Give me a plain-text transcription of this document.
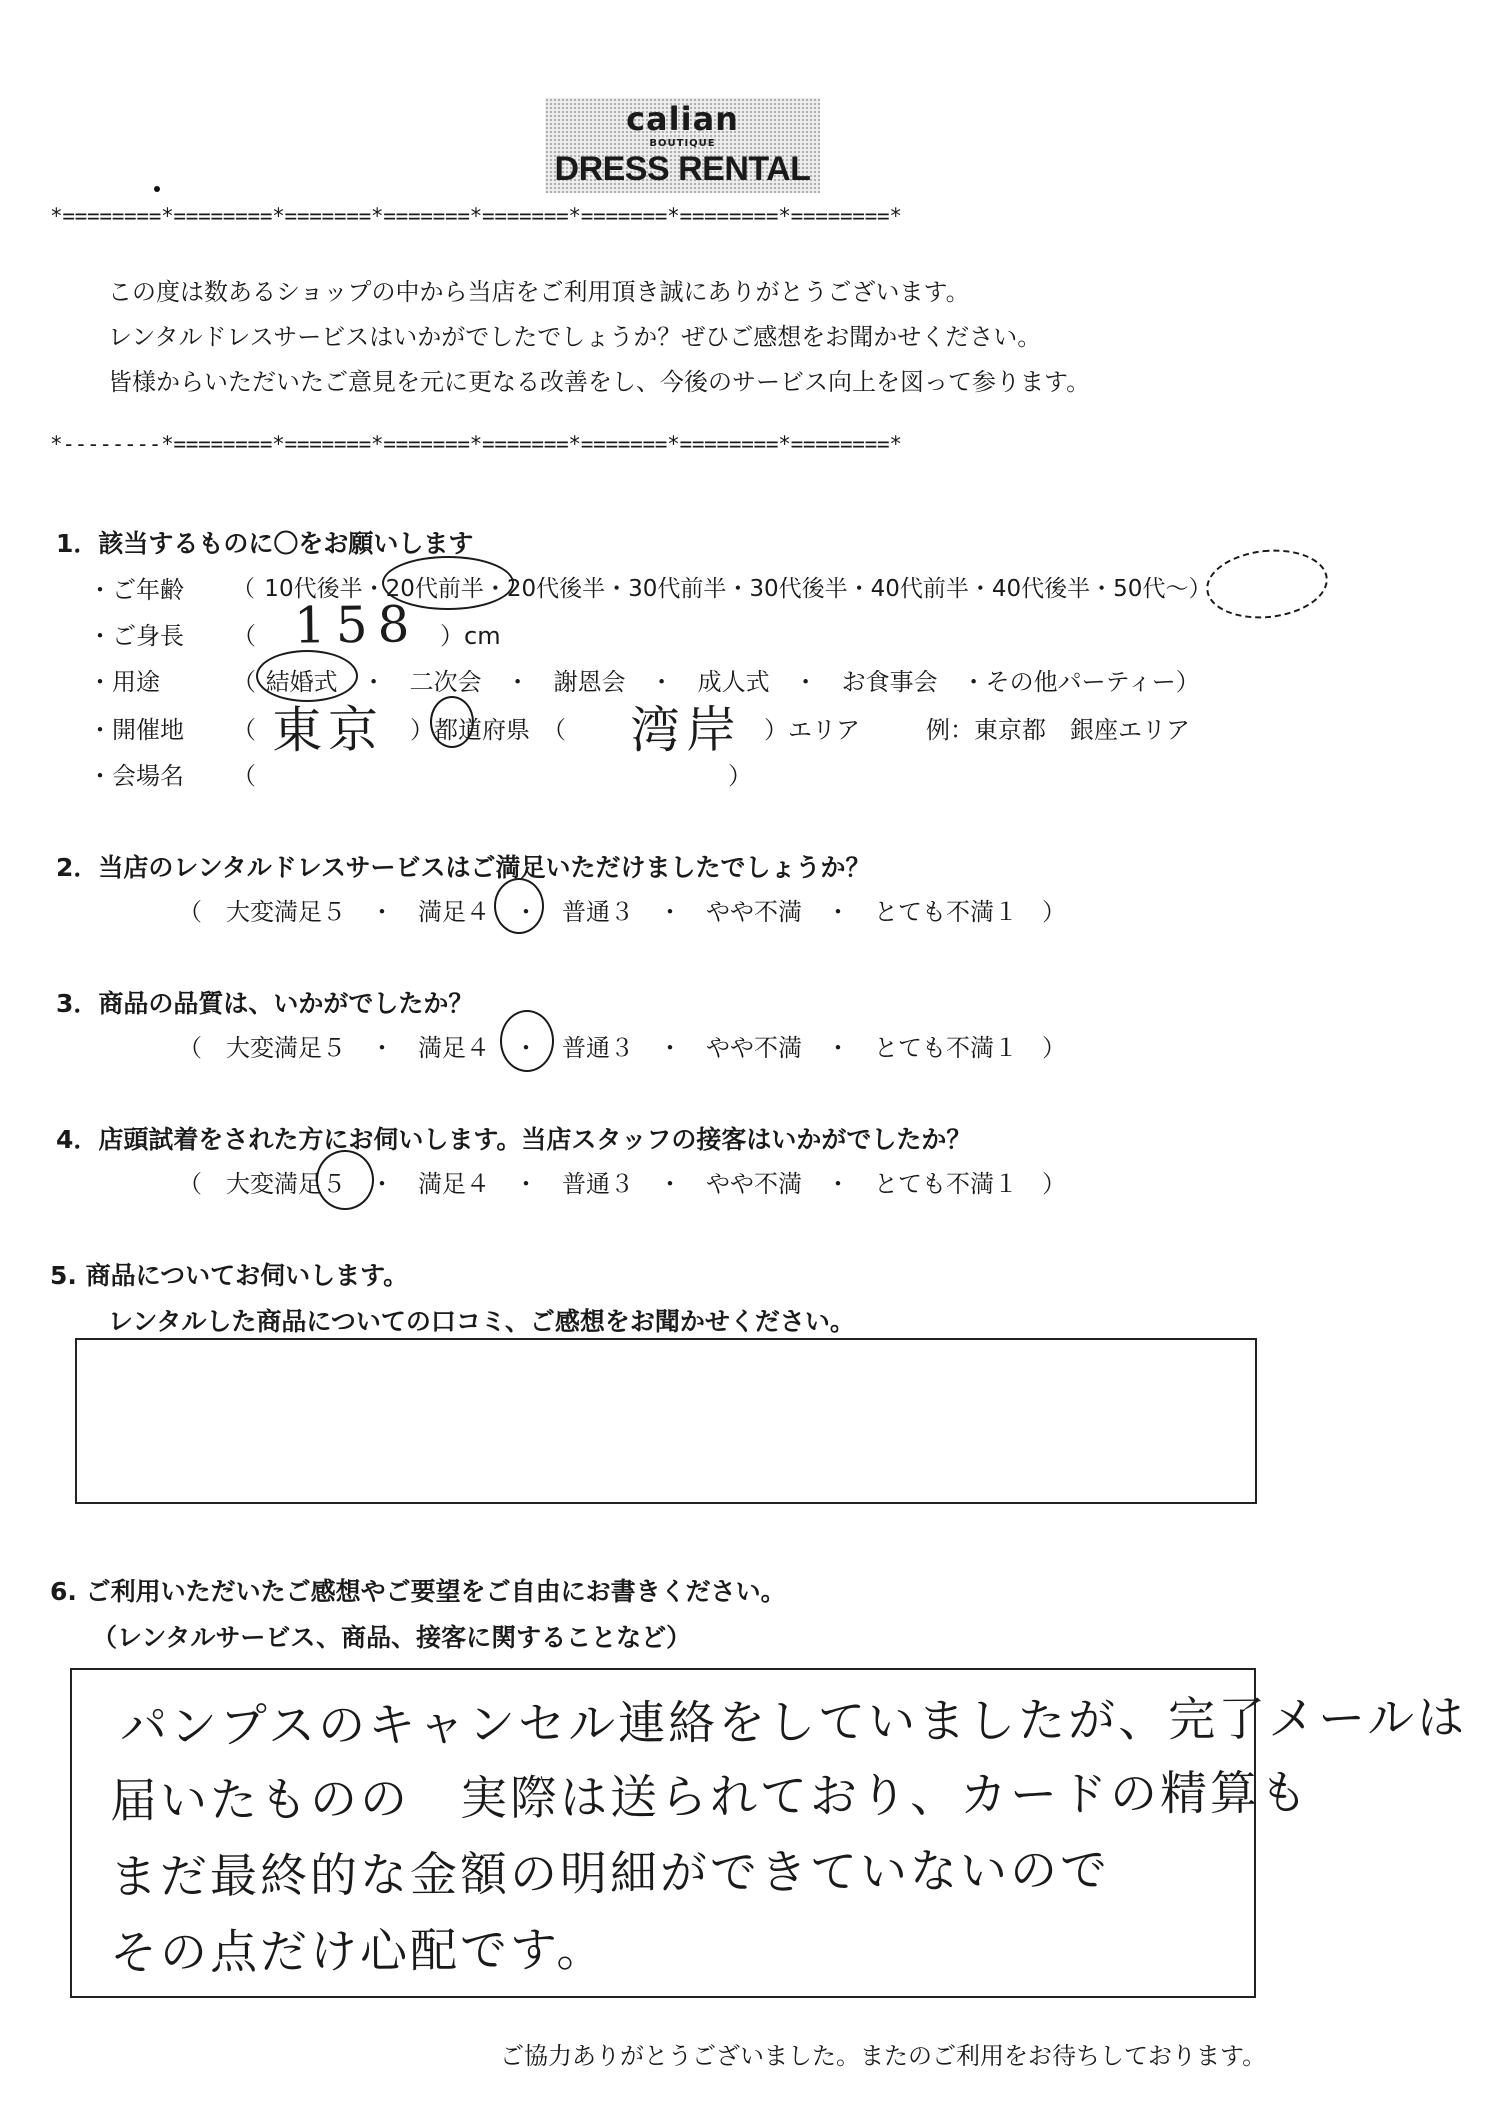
calian
BOUTIQUE
DRESS RENTAL
*========*========*=======*=======*=======*=======*========*========*
この度は数あるショップの中から当店をご利用頂き誠にありがとうございます。
レンタルドレスサービスはいかがでしたでしょうか？ぜひご感想をお聞かせください。
皆様からいただいたご意見を元に更なる改善をし、今後のサービス向上を図って参ります。
*--------*========*=======*=======*=======*=======*========*========*
1．該当するものに〇をお願いします
・ご年齢 （ 10代後半・20代前半・20代後半・30代前半・30代後半・40代前半・40代後半・50代～）
・ご身長 （ 158 ）cm
・用途	（ 結婚式　・　二次会　・　謝恩会　・　成人式　・　お食事会　・その他パーティー）
・開催地 （ 東京 ）都道府県　（ 湾岸 ）エリア	例：東京都　銀座エリア
・会場名 （	）
2．当店のレンタルドレスサービスはご満足いただけましたでしょうか？
（　大変満足５　・　満足４　・　普通３　・　やや不満　・　とても不満１　）
3．商品の品質は、いかがでしたか？
（　大変満足５　・　満足４　・　普通３　・　やや不満　・　とても不満１　）
4．店頭試着をされた方にお伺いします。当店スタッフの接客はいかがでしたか？
（　大変満足５　・　満足４　・　普通３　・　やや不満　・　とても不満１　）
5. 商品についてお伺いします。
レンタルした商品についての口コミ、ご感想をお聞かせください。
6. ご利用いただいたご感想やご要望をご自由にお書きください。
（レンタルサービス、商品、接客に関することなど）
パンプスのキャンセル連絡をしていましたが、完了メールは
届いたものの　実際は送られており、カードの精算も
まだ最終的な金額の明細ができていないので
その点だけ心配です。
ご協力ありがとうございました。またのご利用をお待ちしております。
